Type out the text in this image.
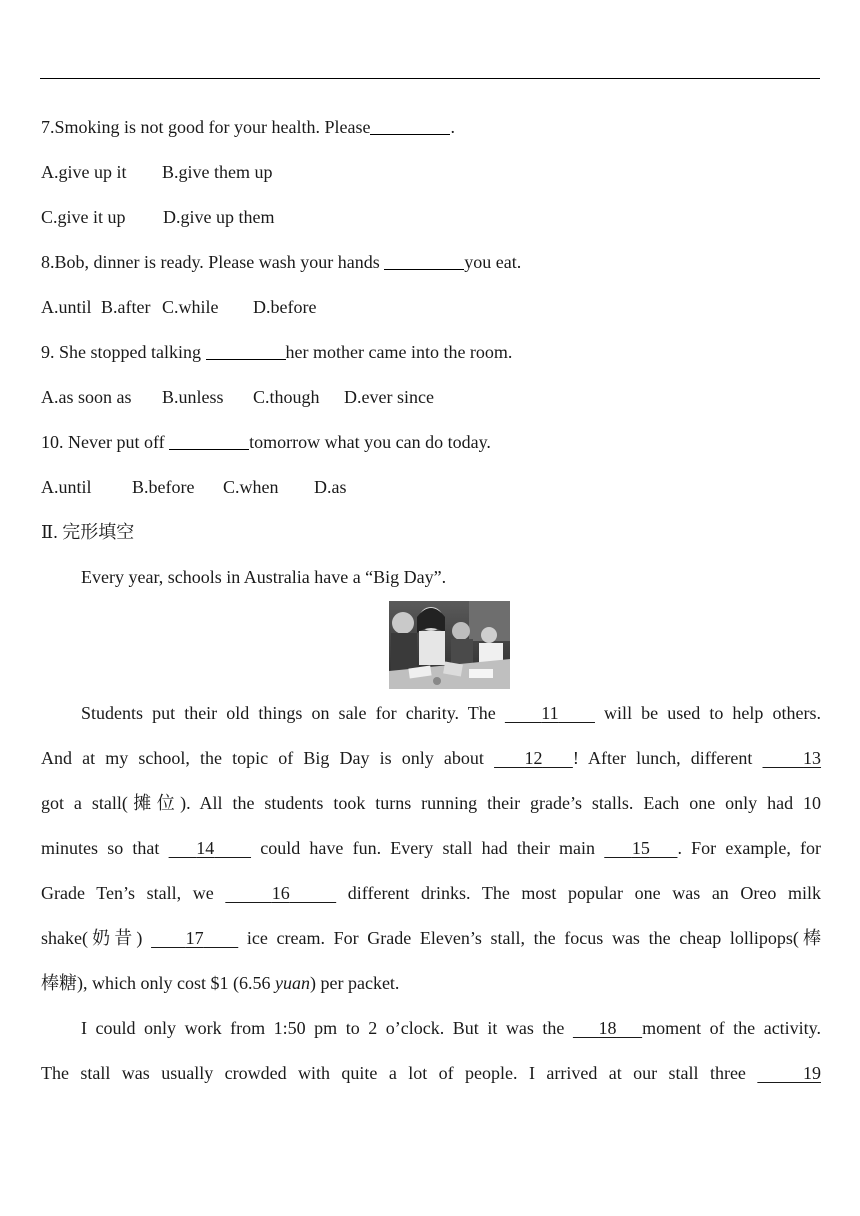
7.Smoking is not good for your health. Please	.
A.give up it B.give them up
C.give it up D.give up them
8.Bob, dinner is ready. Please wash your hands	you eat.
A.until B.after C.while D.before
9. She stopped talking	her mother came into the room.
A.as soon as B.unless C.though D.ever since
10. Never put off	tomorrow what you can do today.
A.until B.before C.when D.as
Ⅱ. 完形填空
Every year, schools in Australia have a “Big Day”.
Students put their old things on sale for charity. The     11     will be used to help others.
And at my school, the topic of Big Day is only about    12 ! After lunch, different     13
got a stall(摊位). All the students took turns running their grade’s stalls. Each one only had 10
minutes so that    14     could have fun. Every stall had their main    15 . For example, for
Grade Ten’s stall, we	16	different drinks. The most popular one was an Oreo milk
shake(奶昔)     17     ice cream. For Grade Eleven’s stall, the focus was the cheap lollipops(棒
棒糖), which only cost $1 (6.56 yuan) per packet.
I could only work from 1:50 pm to 2 o’clock. But it was the    18 moment of the activity.
The stall was usually crowded with quite a lot of people. I arrived at our stall three	19
